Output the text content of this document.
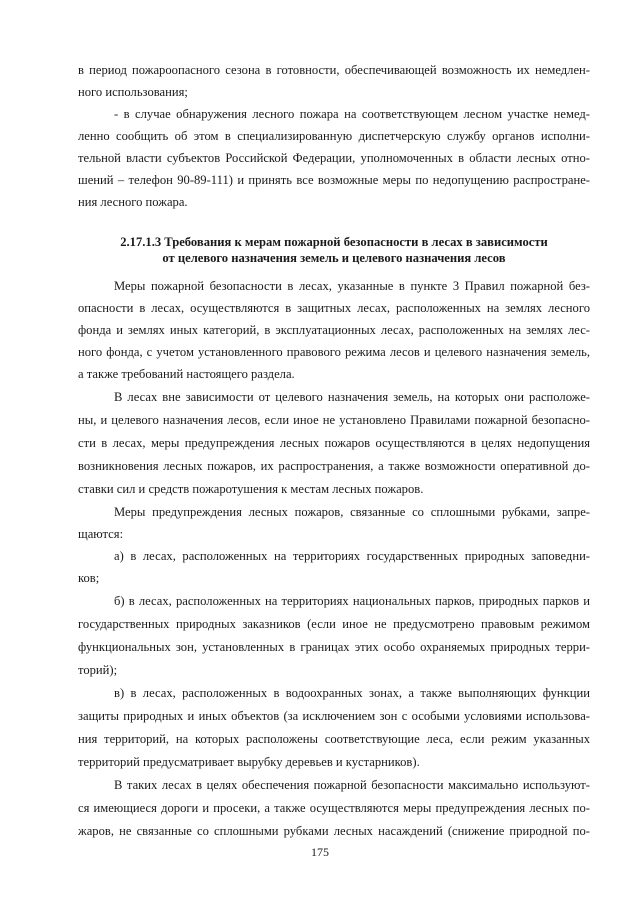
в период пожароопасного сезона в готовности, обеспечивающей возможность их немедлен-
ного использования;
- в случае обнаружения лесного пожара на соответствующем лесном участке немед-
ленно сообщить об этом в специализированную диспетчерскую службу органов исполни-
тельной власти субъектов Российской Федерации, уполномоченных в области лесных отно-
шений – телефон 90-89-111) и принять все возможные меры по недопущению распростране-
ния лесного пожара.
2.17.1.3 Требования к мерам пожарной безопасности в лесах в зависимости
от целевого назначения земель и целевого назначения лесов
Меры пожарной безопасности в лесах, указанные в пункте 3 Правил пожарной без-
опасности в лесах, осуществляются в защитных лесах, расположенных на землях лесного
фонда и землях иных категорий, в эксплуатационных лесах, расположенных на землях лес-
ного фонда, с учетом установленного правового режима лесов и целевого назначения земель,
а также требований настоящего раздела.
В лесах вне зависимости от целевого назначения земель, на которых они расположе-
ны, и целевого назначения лесов, если иное не установлено Правилами пожарной безопасно-
сти в лесах, меры предупреждения лесных пожаров осуществляются в целях недопущения
возникновения лесных пожаров, их распространения, а также возможности оперативной до-
ставки сил и средств пожаротушения к местам лесных пожаров.
Меры предупреждения лесных пожаров, связанные со сплошными рубками, запре-
щаются:
а) в лесах, расположенных на территориях государственных природных заповедни-
ков;
б) в лесах, расположенных на территориях национальных парков, природных парков и
государственных природных заказников (если иное не предусмотрено правовым режимом
функциональных зон, установленных в границах этих особо охраняемых природных терри-
торий);
в) в лесах, расположенных в водоохранных зонах, а также выполняющих функции
защиты природных и иных объектов (за исключением зон с особыми условиями использова-
ния территорий, на которых расположены соответствующие леса, если режим указанных
территорий предусматривает вырубку деревьев и кустарников).
В таких лесах в целях обеспечения пожарной безопасности максимально используют-
ся имеющиеся дороги и просеки, а также осуществляются меры предупреждения лесных по-
жаров, не связанные со сплошными рубками лесных насаждений (снижение природной по-
175
